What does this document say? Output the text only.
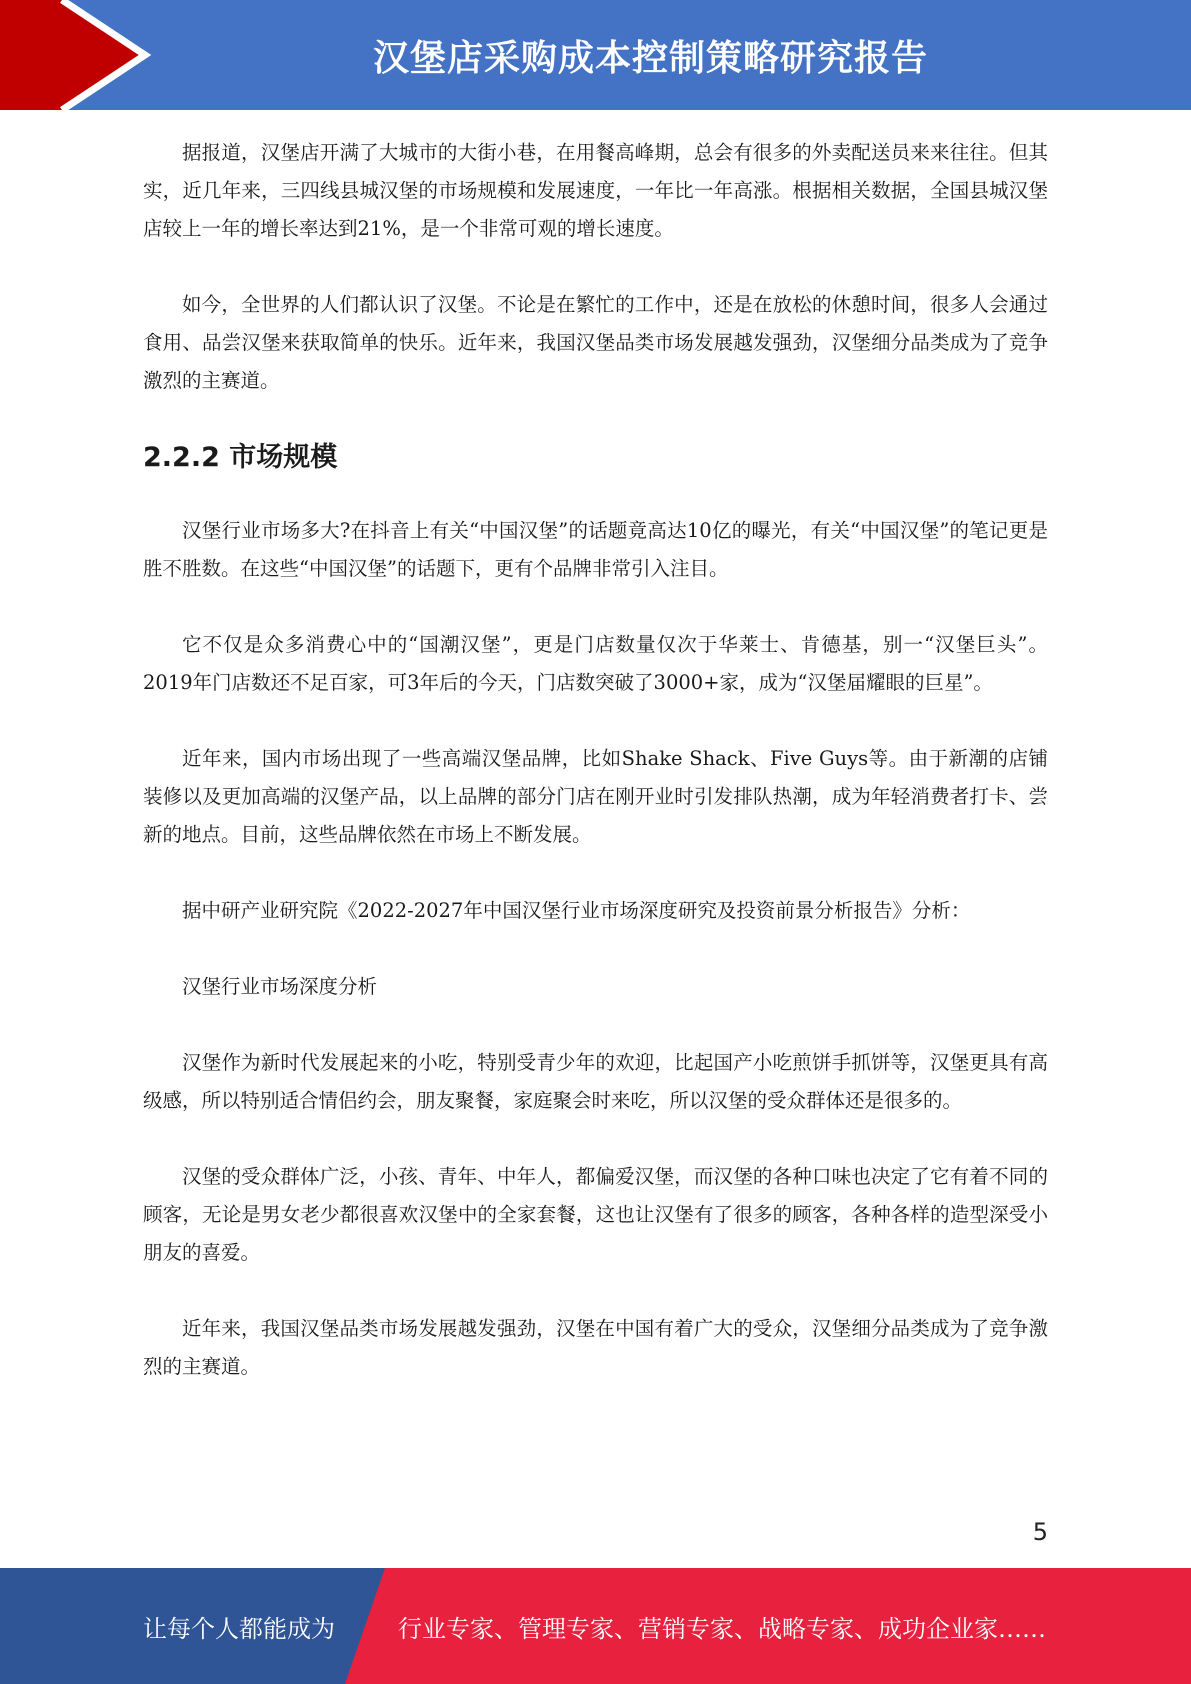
汉堡店采购成本控制策略研究报告

据报道，汉堡店开满了大城市的大街小巷，在用餐高峰期，总会有很多的外卖配送员来来往往。但其实，近几年来，三四线县城汉堡的市场规模和发展速度，一年比一年高涨。根据相关数据，全国县城汉堡店较上一年的增长率达到21%，是一个非常可观的增长速度。

如今，全世界的人们都认识了汉堡。不论是在繁忙的工作中，还是在放松的休憩时间，很多人会通过食用、品尝汉堡来获取简单的快乐。近年来，我国汉堡品类市场发展越发强劲，汉堡细分品类成为了竞争激烈的主赛道。

2.2.2 市场规模

汉堡行业市场多大?在抖音上有关“中国汉堡”的话题竟高达10亿的曝光，有关“中国汉堡”的笔记更是胜不胜数。在这些“中国汉堡”的话题下，更有个品牌非常引入注目。

它不仅是众多消费心中的“国潮汉堡”，更是门店数量仅次于华莱士、肯德基，别一“汉堡巨头”。2019年门店数还不足百家，可3年后的今天，门店数突破了3000+家，成为“汉堡届耀眼的巨星”。

近年来，国内市场出现了一些高端汉堡品牌，比如Shake Shack、Five Guys等。由于新潮的店铺装修以及更加高端的汉堡产品，以上品牌的部分门店在刚开业时引发排队热潮，成为年轻消费者打卡、尝新的地点。目前，这些品牌依然在市场上不断发展。

据中研产业研究院《2022-2027年中国汉堡行业市场深度研究及投资前景分析报告》分析：

汉堡行业市场深度分析

汉堡作为新时代发展起来的小吃，特别受青少年的欢迎，比起国产小吃煎饼手抓饼等，汉堡更具有高级感，所以特别适合情侣约会，朋友聚餐，家庭聚会时来吃，所以汉堡的受众群体还是很多的。

汉堡的受众群体广泛，小孩、青年、中年人，都偏爱汉堡，而汉堡的各种口味也决定了它有着不同的顾客，无论是男女老少都很喜欢汉堡中的全家套餐，这也让汉堡有了很多的顾客，各种各样的造型深受小朋友的喜爱。

近年来，我国汉堡品类市场发展越发强劲，汉堡在中国有着广大的受众，汉堡细分品类成为了竞争激烈的主赛道。

5
让每个人都能成为	行业专家、管理专家、营销专家、战略专家、成功企业家……
